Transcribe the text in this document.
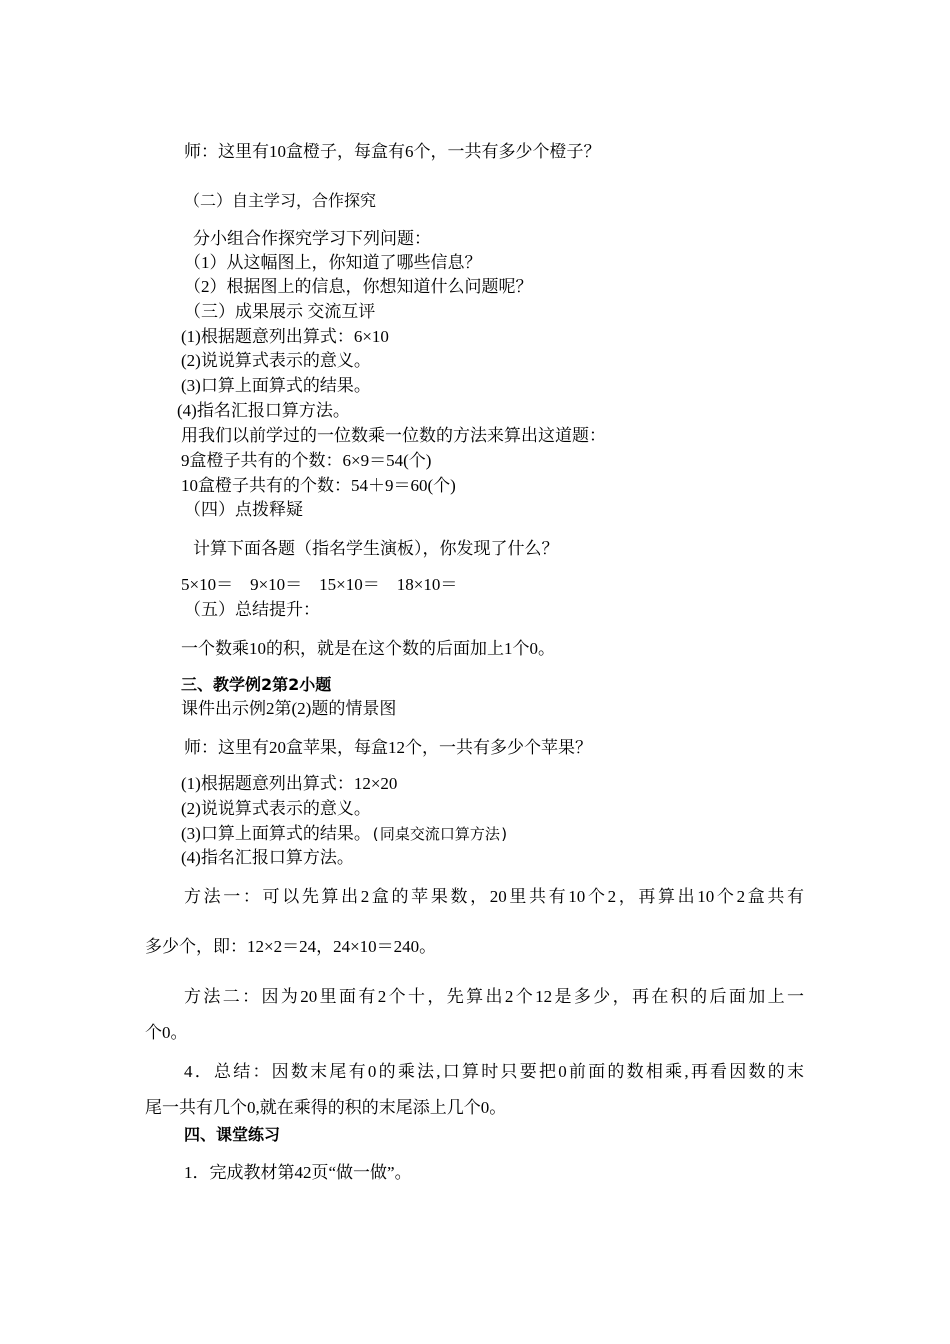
师：这里有10盒橙子，每盒有6个，一共有多少个橙子？
（二）自主学习，合作探究
分小组合作探究学习下列问题：
（1）从这幅图上，你知道了哪些信息？
（2）根据图上的信息，你想知道什么问题呢？
（三）成果展示 交流互评
(1)根据题意列出算式：6×10
(2)说说算式表示的意义。
(3)口算上面算式的结果。
(4)指名汇报口算方法。
用我们以前学过的一位数乘一位数的方法来算出这道题：
9盒橙子共有的个数：6×9＝54(个)
10盒橙子共有的个数：54＋9＝60(个)
（四）点拨释疑
计算下面各题（指名学生演板），你发现了什么？
5×10＝    9×10＝    15×10＝    18×10＝
（五）总结提升：
一个数乘10的积，就是在这个数的后面加上1个0。
三、教学例2第2小题
课件出示例2第(2)题的情景图
师：这里有20盒苹果，每盒12个，一共有多少个苹果？
(1)根据题意列出算式：12×20
(2)说说算式表示的意义。
(3)口算上面算式的结果。(同桌交流口算方法)
(4)指名汇报口算方法。
方法一：可以先算出2盒的苹果数，20里共有10个2，再算出10个2盒共有
多少个，即：12×2＝24，24×10＝240。
方法二：因为20里面有2个十，先算出2个12是多少，再在积的后面加上一
个0。
4．总结：因数末尾有0的乘法,口算时只要把0前面的数相乘,再看因数的末
尾一共有几个0,就在乘得的积的末尾添上几个0。
四、课堂练习
1．完成教材第42页“做一做”。
